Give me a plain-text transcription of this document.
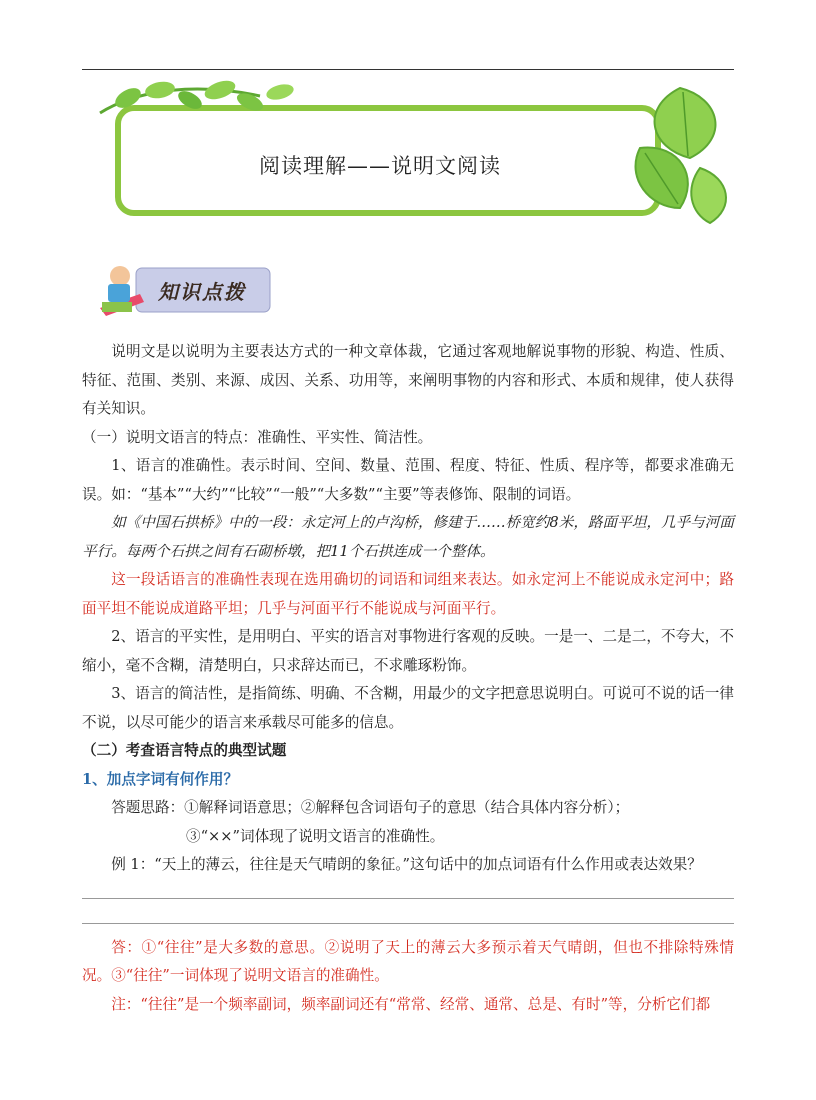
阅读理解——说明文阅读
知识点拨

说明文是以说明为主要表达方式的一种文章体裁，它通过客观地解说事物的形貌、构造、性质、特征、范围、类别、来源、成因、关系、功用等，来阐明事物的内容和形式、本质和规律，使人获得有关知识。

（一）说明文语言的特点：准确性、平实性、简洁性。

1、语言的准确性。表示时间、空间、数量、范围、程度、特征、性质、程序等，都要求准确无误。如：“基本”“大约”“比较”“一般”“大多数”“主要”等表修饰、限制的词语。

如《中国石拱桥》中的一段：永定河上的卢沟桥，修建于……桥宽约8米，路面平坦，几乎与河面平行。每两个石拱之间有石砌桥墩，把11个石拱连成一个整体。

这一段话语言的准确性表现在选用确切的词语和词组来表达。如永定河上不能说成永定河中；路面平坦不能说成道路平坦；几乎与河面平行不能说成与河面平行。

2、语言的平实性，是用明白、平实的语言对事物进行客观的反映。一是一、二是二，不夸大，不缩小，毫不含糊，清楚明白，只求辞达而已，不求雕琢粉饰。

3、语言的简洁性，是指简练、明确、不含糊，用最少的文字把意思说明白。可说可不说的话一律不说，以尽可能少的语言来承载尽可能多的信息。

（二）考查语言特点的典型试题

1、加点字词有何作用？

答题思路：①解释词语意思；②解释包含词语句子的意思（结合具体内容分析）；

③“××”词体现了说明文语言的准确性。

例 1：“天上的薄云，往往是天气晴朗的象征。”这句话中的加点词语有什么作用或表达效果？

答：①“往往”是大多数的意思。②说明了天上的薄云大多预示着天气晴朗，但也不排除特殊情况。③“往往”一词体现了说明文语言的准确性。

注：“往往”是一个频率副词，频率副词还有“常常、经常、通常、总是、有时”等，分析它们都
